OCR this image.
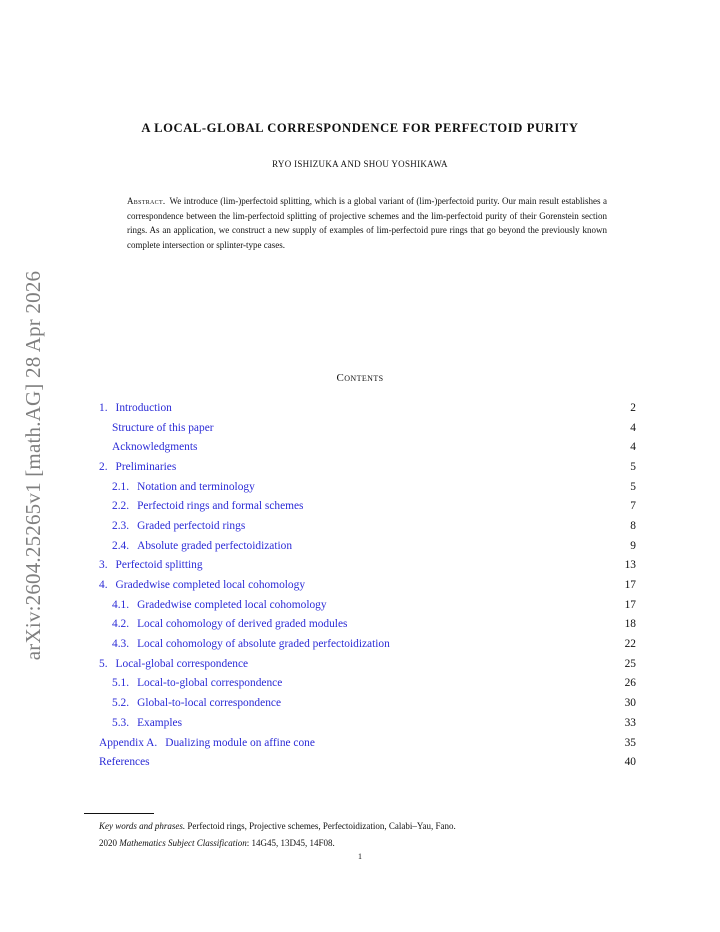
arXiv:2604.25265v1 [math.AG] 28 Apr 2026
A LOCAL-GLOBAL CORRESPONDENCE FOR PERFECTOID PURITY
RYO ISHIZUKA AND SHOU YOSHIKAWA
Abstract. We introduce (lim-)perfectoid splitting, which is a global variant of (lim-)perfectoid purity. Our main result establishes a correspondence between the lim-perfectoid splitting of projective schemes and the lim-perfectoid purity of their Gorenstein section rings. As an application, we construct a new supply of examples of lim-perfectoid pure rings that go beyond the previously known complete intersection or splinter-type cases.
Contents
1. Introduction	2
Structure of this paper	4
Acknowledgments	4
2. Preliminaries	5
2.1. Notation and terminology	5
2.2. Perfectoid rings and formal schemes	7
2.3. Graded perfectoid rings	8
2.4. Absolute graded perfectoidization	9
3. Perfectoid splitting	13
4. Gradedwise completed local cohomology	17
4.1. Gradedwise completed local cohomology	17
4.2. Local cohomology of derived graded modules	18
4.3. Local cohomology of absolute graded perfectoidization	22
5. Local-global correspondence	25
5.1. Local-to-global correspondence	26
5.2. Global-to-local correspondence	30
5.3. Examples	33
Appendix A. Dualizing module on affine cone	35
References	40
Key words and phrases. Perfectoid rings, Projective schemes, Perfectoidization, Calabi–Yau, Fano.
2020 Mathematics Subject Classification: 14G45, 13D45, 14F08.
1
